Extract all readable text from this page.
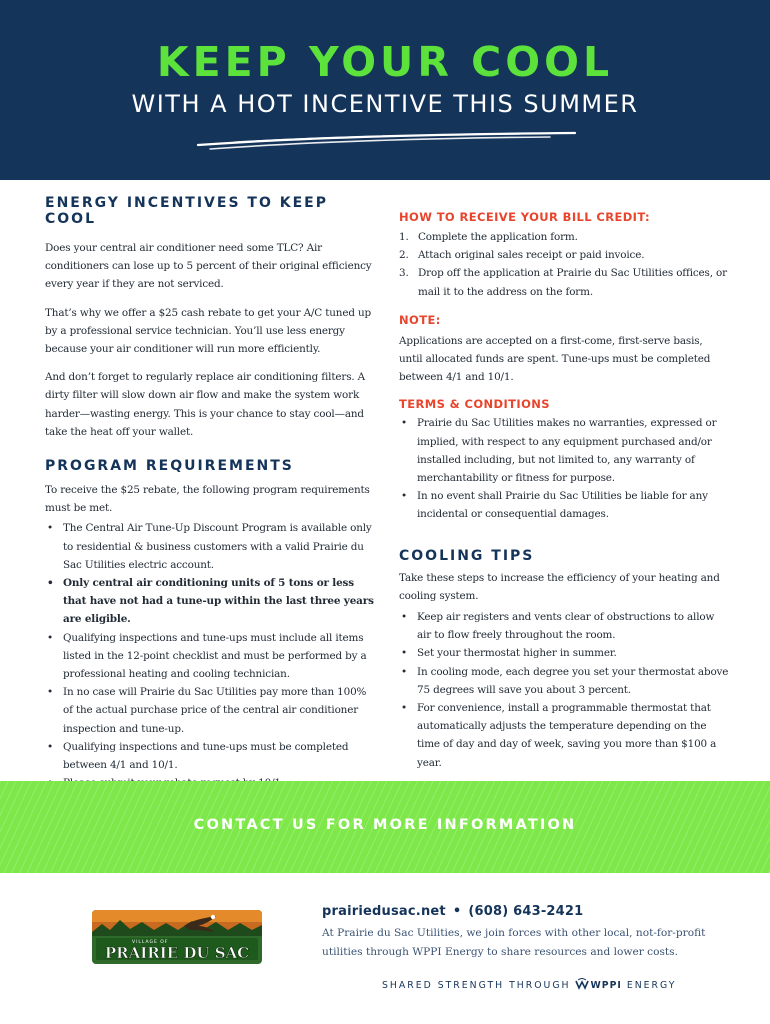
KEEP YOUR COOL
WITH A HOT INCENTIVE THIS SUMMER
ENERGY INCENTIVES TO KEEP COOL

Does your central air conditioner need some TLC? Air conditioners can lose up to 5 percent of their original efficiency every year if they are not serviced.

That’s why we offer a $25 cash rebate to get your A/C tuned up by a professional service technician. You’ll use less energy because your air conditioner will run more efficiently.

And don’t forget to regularly replace air conditioning filters. A dirty filter will slow down air flow and make the system work harder—wasting energy. This is your chance to stay cool—and take the heat off your wallet.

PROGRAM REQUIREMENTS

To receive the $25 rebate, the following program requirements must be met.

• The Central Air Tune-Up Discount Program is available only to residential & business customers with a valid Prairie du Sac Utilities electric account.
• Only central air conditioning units of 5 tons or less that have not had a tune-up within the last three years are eligible.
• Qualifying inspections and tune-ups must include all items listed in the 12-point checklist and must be performed by a professional heating and cooling technician.
• In no case will Prairie du Sac Utilities pay more than 100% of the actual purchase price of the central air conditioner inspection and tune-up.
• Qualifying inspections and tune-ups must be completed between 4/1 and 10/1.
•
HOW TO RECEIVE YOUR BILL CREDIT:
1. Complete the application form.
2. Attach original sales receipt or paid invoice.
3. Drop off the application at Prairie du Sac Utilities offices, or mail it to the address on the form.
NOTE:

Applications are accepted on a first-come, first-serve basis, until allocated funds are spent. Tune-ups must be completed between 4/1 and 10/1.

TERMS & CONDITIONS
• Prairie du Sac Utilities makes no warranties, expressed or implied, with respect to any equipment purchased and/or installed including, but not limited to, any warranty of merchantability or fitness for purpose.
• In no event shall Prairie du Sac Utilities be liable for any incidental or consequential damages.
COOLING TIPS

Take these steps to increase the efficiency of your heating and cooling system.

• Keep air registers and vents clear of obstructions to allow air to flow freely throughout the room.
• Set your thermostat higher in summer.
• In cooling mode, each degree you set your thermostat above 75 degrees will save you about 3 percent.
• For convenience, install a programmable thermostat that automatically adjusts the temperature depending on the time of day and day of week, saving you more than $100 a year.
CONTACT US FOR MORE INFORMATION
VILLAGE OF
PRAIRIE DU SAC
prairiedusac.net • (608) 643-2421
At Prairie du Sac Utilities, we join forces with other local, not-for-profit utilities through WPPI Energy to share resources and lower costs.
SHARED STRENGTH THROUGH WPPI ENERGY
